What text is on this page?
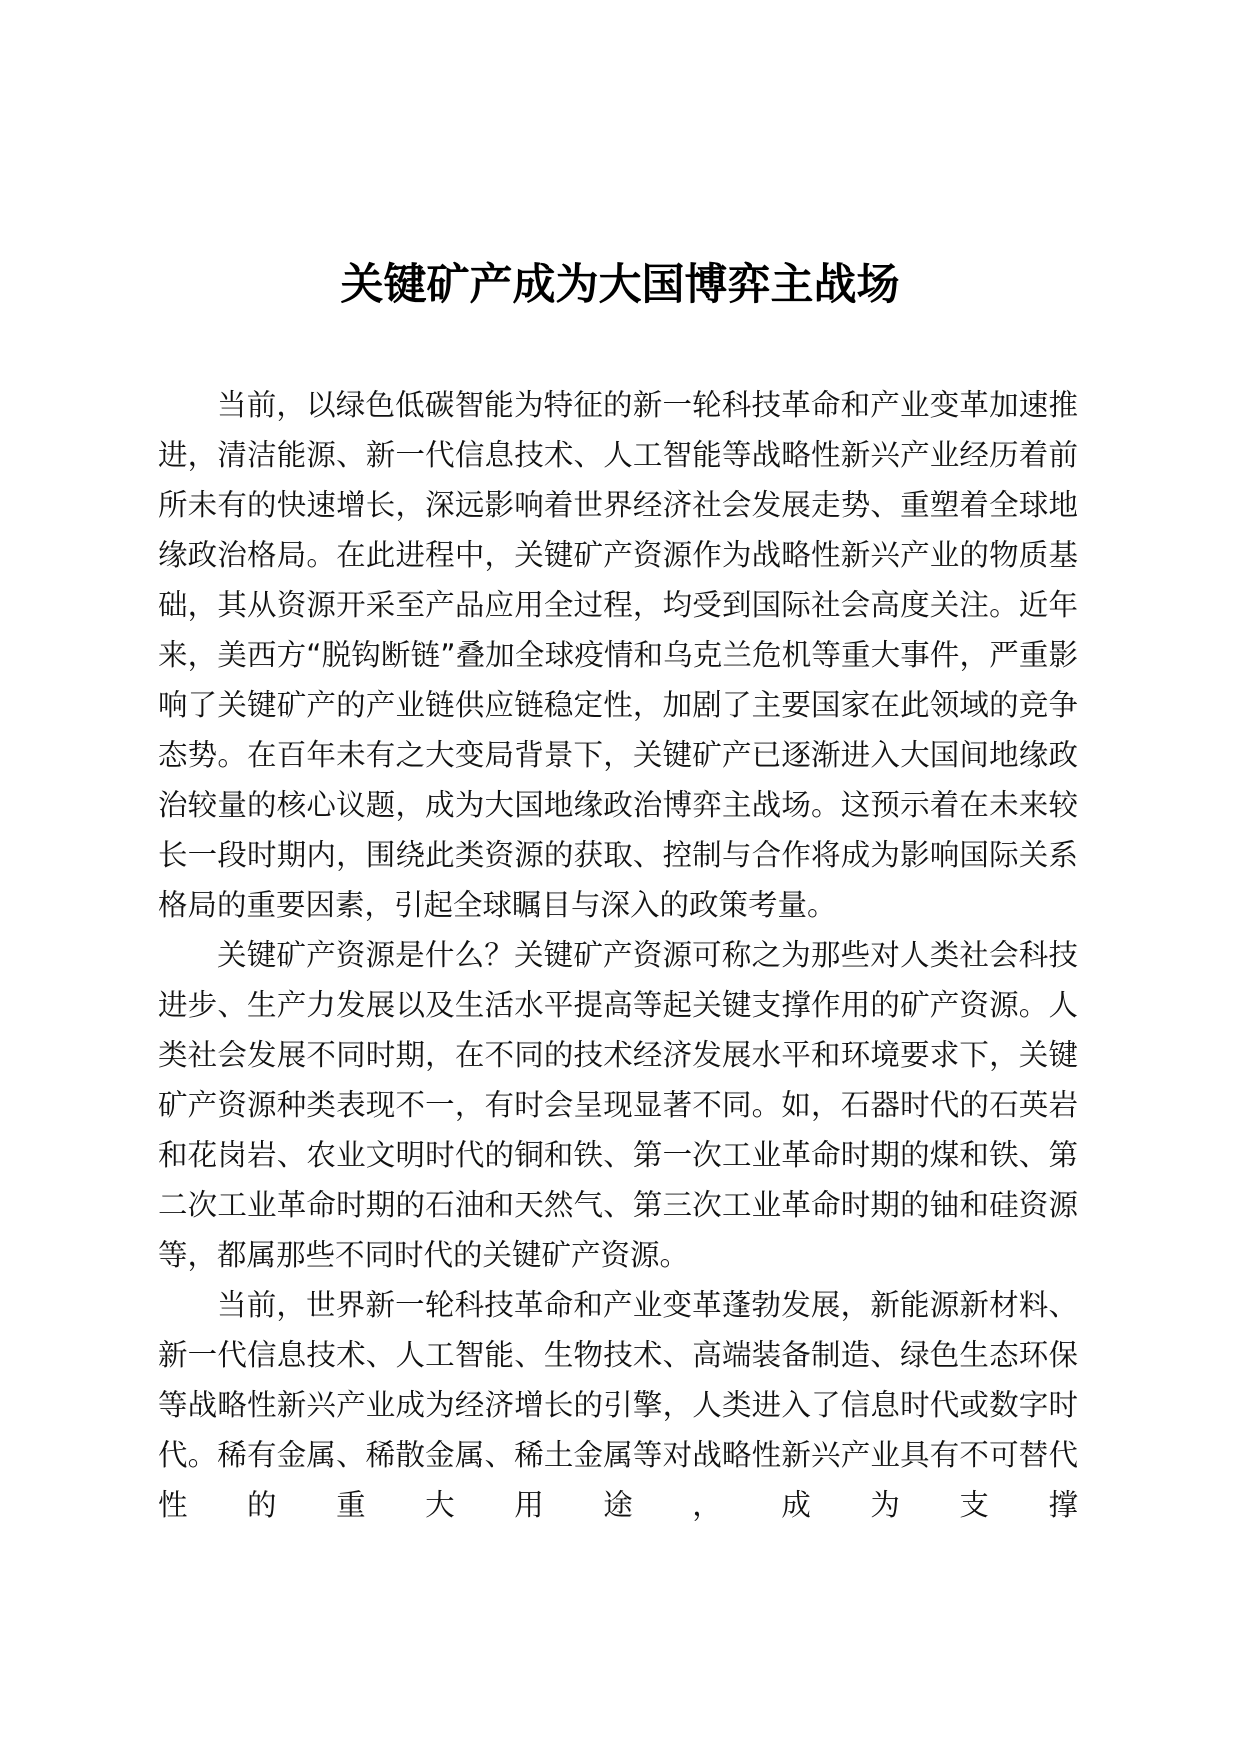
关键矿产成为大国博弈主战场

当前，以绿色低碳智能为特征的新一轮科技革命和产业变革加速推进，清洁能源、新一代信息技术、人工智能等战略性新兴产业经历着前所未有的快速增长，深远影响着世界经济社会发展走势、重塑着全球地缘政治格局。在此进程中，关键矿产资源作为战略性新兴产业的物质基础，其从资源开采至产品应用全过程，均受到国际社会高度关注。近年来，美西方“脱钩断链”叠加全球疫情和乌克兰危机等重大事件，严重影响了关键矿产的产业链供应链稳定性，加剧了主要国家在此领域的竞争态势。在百年未有之大变局背景下，关键矿产已逐渐进入大国间地缘政治较量的核心议题，成为大国地缘政治博弈主战场。这预示着在未来较长一段时期内，围绕此类资源的获取、控制与合作将成为影响国际关系格局的重要因素，引起全球瞩目与深入的政策考量。

关键矿产资源是什么？关键矿产资源可称之为那些对人类社会科技进步、生产力发展以及生活水平提高等起关键支撑作用的矿产资源。人类社会发展不同时期，在不同的技术经济发展水平和环境要求下，关键矿产资源种类表现不一，有时会呈现显著不同。如，石器时代的石英岩和花岗岩、农业文明时代的铜和铁、第一次工业革命时期的煤和铁、第二次工业革命时期的石油和天然气、第三次工业革命时期的铀和硅资源等，都属那些不同时代的关键矿产资源。

当前，世界新一轮科技革命和产业变革蓬勃发展，新能源新材料、新一代信息技术、人工智能、生物技术、高端装备制造、绿色生态环保等战略性新兴产业成为经济增长的引擎，人类进入了信息时代或数字时代。稀有金属、稀散金属、稀土金属等对战略性新兴产业具有不可替代性的重大用途，成为支撑
